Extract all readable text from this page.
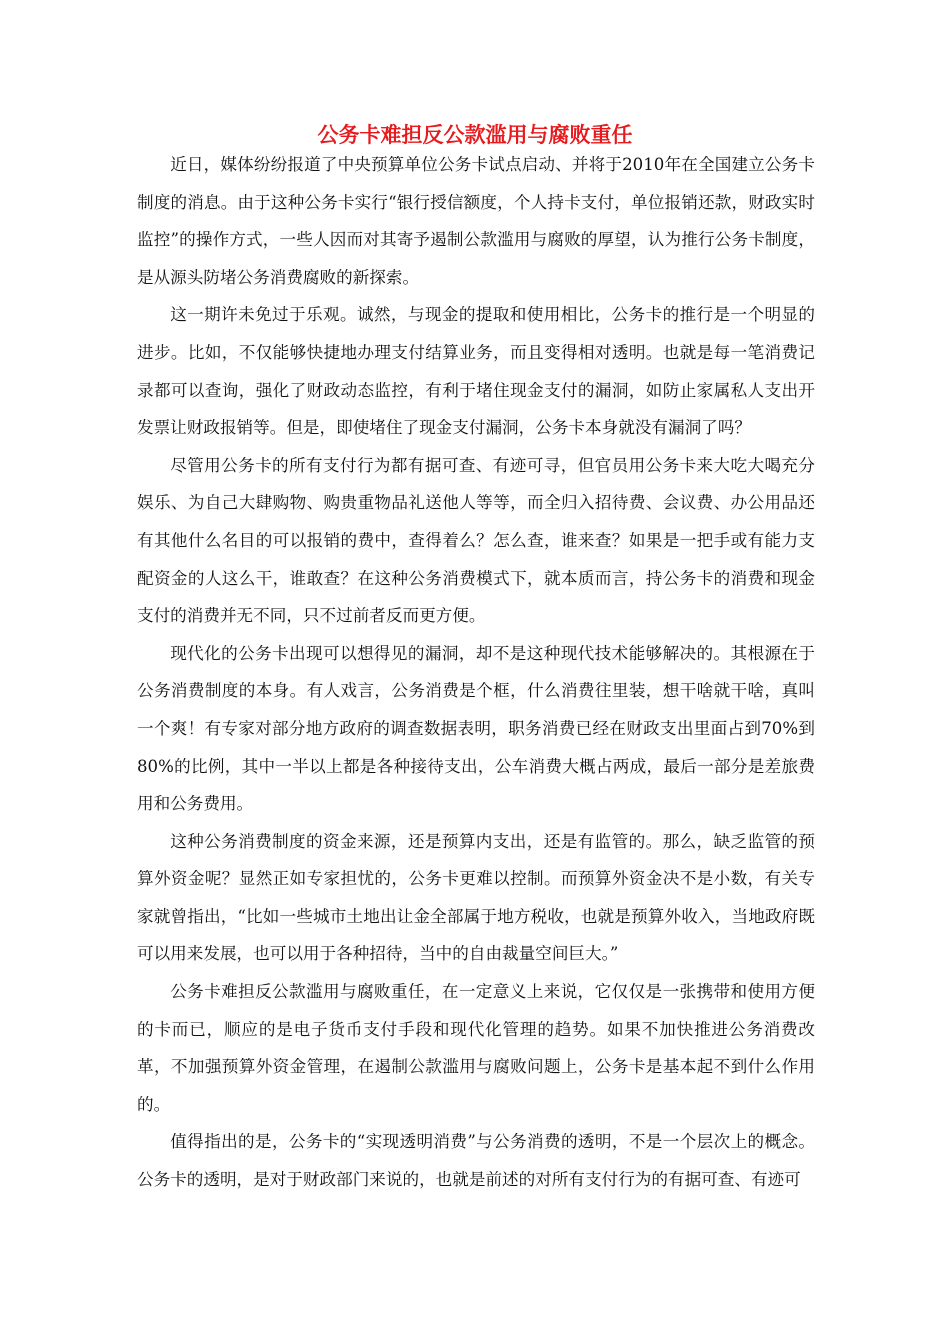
公务卡难担反公款滥用与腐败重任

近日，媒体纷纷报道了中央预算单位公务卡试点启动、并将于2010年在全国建立公务卡制度的消息。由于这种公务卡实行“银行授信额度，个人持卡支付，单位报销还款，财政实时监控”的操作方式，一些人因而对其寄予遏制公款滥用与腐败的厚望，认为推行公务卡制度，是从源头防堵公务消费腐败的新探索。

这一期许未免过于乐观。诚然，与现金的提取和使用相比，公务卡的推行是一个明显的进步。比如，不仅能够快捷地办理支付结算业务，而且变得相对透明。也就是每一笔消费记录都可以查询，强化了财政动态监控，有利于堵住现金支付的漏洞，如防止家属私人支出开发票让财政报销等。但是，即使堵住了现金支付漏洞，公务卡本身就没有漏洞了吗？

尽管用公务卡的所有支付行为都有据可查、有迹可寻，但官员用公务卡来大吃大喝充分娱乐、为自己大肆购物、购贵重物品礼送他人等等，而全归入招待费、会议费、办公用品还有其他什么名目的可以报销的费中，查得着么？怎么查，谁来查？如果是一把手或有能力支配资金的人这么干，谁敢查？在这种公务消费模式下，就本质而言，持公务卡的消费和现金支付的消费并无不同，只不过前者反而更方便。

现代化的公务卡出现可以想得见的漏洞，却不是这种现代技术能够解决的。其根源在于公务消费制度的本身。有人戏言，公务消费是个框，什么消费往里装，想干啥就干啥，真叫一个爽！有专家对部分地方政府的调查数据表明，职务消费已经在财政支出里面占到70%到80%的比例，其中一半以上都是各种接待支出，公车消费大概占两成，最后一部分是差旅费用和公务费用。

这种公务消费制度的资金来源，还是预算内支出，还是有监管的。那么，缺乏监管的预算外资金呢？显然正如专家担忧的，公务卡更难以控制。而预算外资金决不是小数，有关专家就曾指出，“比如一些城市土地出让金全部属于地方税收，也就是预算外收入，当地政府既可以用来发展，也可以用于各种招待，当中的自由裁量空间巨大。”

公务卡难担反公款滥用与腐败重任，在一定意义上来说，它仅仅是一张携带和使用方便的卡而已，顺应的是电子货币支付手段和现代化管理的趋势。如果不加快推进公务消费改革，不加强预算外资金管理，在遏制公款滥用与腐败问题上，公务卡是基本起不到什么作用的。

值得指出的是，公务卡的“实现透明消费”与公务消费的透明，不是一个层次上的概念。公务卡的透明，是对于财政部门来说的，也就是前述的对所有支付行为的有据可查、有迹可
